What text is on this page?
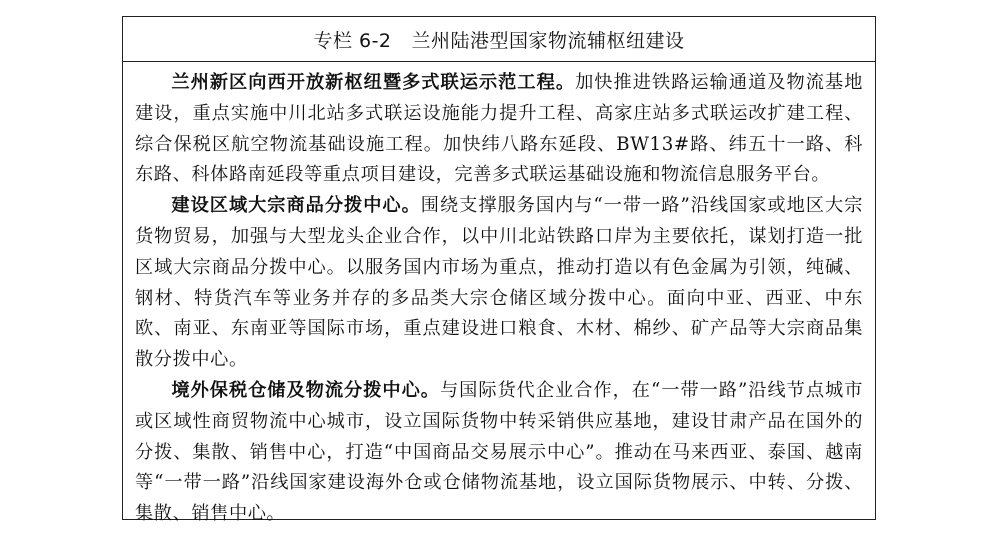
专栏 6-2 兰州陆港型国家物流辅枢纽建设

兰州新区向西开放新枢纽暨多式联运示范工程。加快推进铁路运输通道及物流基地建设，重点实施中川北站多式联运设施能力提升工程、高家庄站多式联运改扩建工程、综合保税区航空物流基础设施工程。加快纬八路东延段、BW13#路、纬五十一路、科东路、科体路南延段等重点项目建设，完善多式联运基础设施和物流信息服务平台。

建设区域大宗商品分拨中心。围绕支撑服务国内与“一带一路”沿线国家或地区大宗货物贸易，加强与大型龙头企业合作，以中川北站铁路口岸为主要依托，谋划打造一批区域大宗商品分拨中心。以服务国内市场为重点，推动打造以有色金属为引领，纯碱、钢材、特货汽车等业务并存的多品类大宗仓储区域分拨中心。面向中亚、西亚、中东欧、南亚、东南亚等国际市场，重点建设进口粮食、木材、棉纱、矿产品等大宗商品集散分拨中心。

境外保税仓储及物流分拨中心。与国际货代企业合作，在“一带一路”沿线节点城市或区域性商贸物流中心城市，设立国际货物中转采销供应基地，建设甘肃产品在国外的分拨、集散、销售中心，打造“中国商品交易展示中心”。推动在马来西亚、泰国、越南等“一带一路”沿线国家建设海外仓或仓储物流基地，设立国际货物展示、中转、分拨、集散、销售中心。
